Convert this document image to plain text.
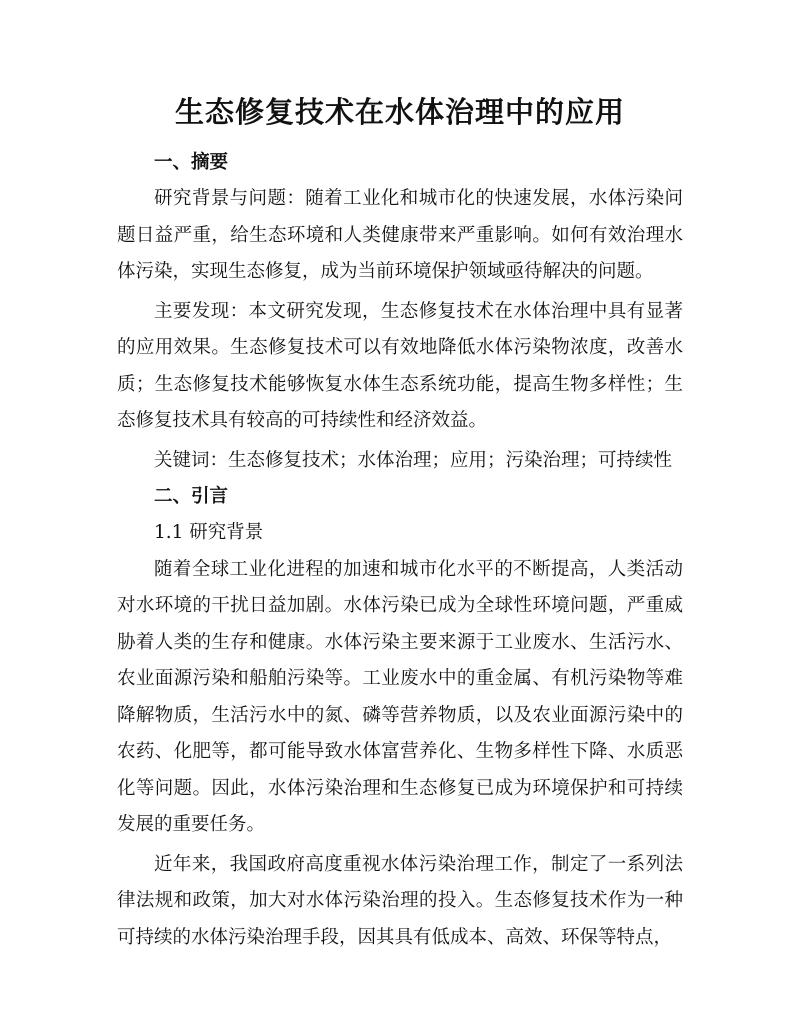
生态修复技术在水体治理中的应用

一、摘要

研究背景与问题：随着工业化和城市化的快速发展，水体污染问题日益严重，给生态环境和人类健康带来严重影响。如何有效治理水体污染，实现生态修复，成为当前环境保护领域亟待解决的问题。

主要发现：本文研究发现，生态修复技术在水体治理中具有显著的应用效果。生态修复技术可以有效地降低水体污染物浓度，改善水质；生态修复技术能够恢复水体生态系统功能，提高生物多样性；生态修复技术具有较高的可持续性和经济效益。

关键词：生态修复技术；水体治理；应用；污染治理；可持续性

二、引言

1.1 研究背景

随着全球工业化进程的加速和城市化水平的不断提高，人类活动对水环境的干扰日益加剧。水体污染已成为全球性环境问题，严重威胁着人类的生存和健康。水体污染主要来源于工业废水、生活污水、农业面源污染和船舶污染等。工业废水中的重金属、有机污染物等难降解物质，生活污水中的氮、磷等营养物质，以及农业面源污染中的农药、化肥等，都可能导致水体富营养化、生物多样性下降、水质恶化等问题。因此，水体污染治理和生态修复已成为环境保护和可持续发展的重要任务。

近年来，我国政府高度重视水体污染治理工作，制定了一系列法律法规和政策，加大对水体污染治理的投入。生态修复技术作为一种可持续的水体污染治理手段，因其具有低成本、高效、环保等特点，
